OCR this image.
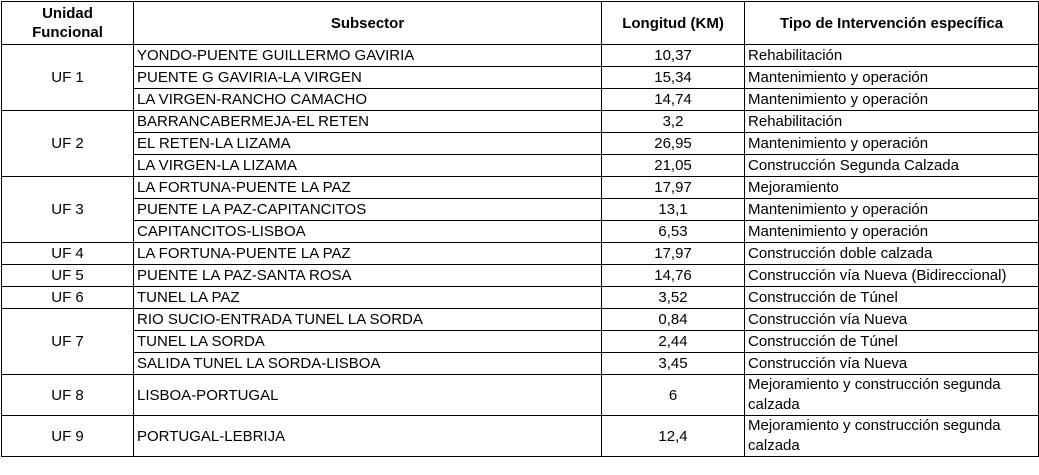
Unidad Funcional	Subsector	Longitud (KM)	Tipo de Intervención específica
UF 1	YONDO-PUENTE GUILLERMO GAVIRIA	10,37	Rehabilitación
	PUENTE G GAVIRIA-LA VIRGEN	15,34	Mantenimiento y operación
	LA VIRGEN-RANCHO CAMACHO	14,74	Mantenimiento y operación
UF 2	BARRANCABERMEJA-EL RETEN	3,2	Rehabilitación
	EL RETEN-LA LIZAMA	26,95	Mantenimiento y operación
	LA VIRGEN-LA LIZAMA	21,05	Construcción Segunda Calzada
UF 3	LA FORTUNA-PUENTE LA PAZ	17,97	Mejoramiento
	PUENTE LA PAZ-CAPITANCITOS	13,1	Mantenimiento y operación
	CAPITANCITOS-LISBOA	6,53	Mantenimiento y operación
UF 4	LA FORTUNA-PUENTE LA PAZ	17,97	Construcción doble calzada
UF 5	PUENTE LA PAZ-SANTA ROSA	14,76	Construcción vía Nueva (Bidireccional)
UF 6	TUNEL LA PAZ	3,52	Construcción de Túnel
UF 7	RIO SUCIO-ENTRADA TUNEL LA SORDA	0,84	Construcción vía Nueva
	TUNEL LA SORDA	2,44	Construcción de Túnel
	SALIDA TUNEL LA SORDA-LISBOA	3,45	Construcción vía Nueva
UF 8	LISBOA-PORTUGAL	6	Mejoramiento y construcción segunda calzada
UF 9	PORTUGAL-LEBRIJA	12,4	Mejoramiento y construcción segunda calzada
